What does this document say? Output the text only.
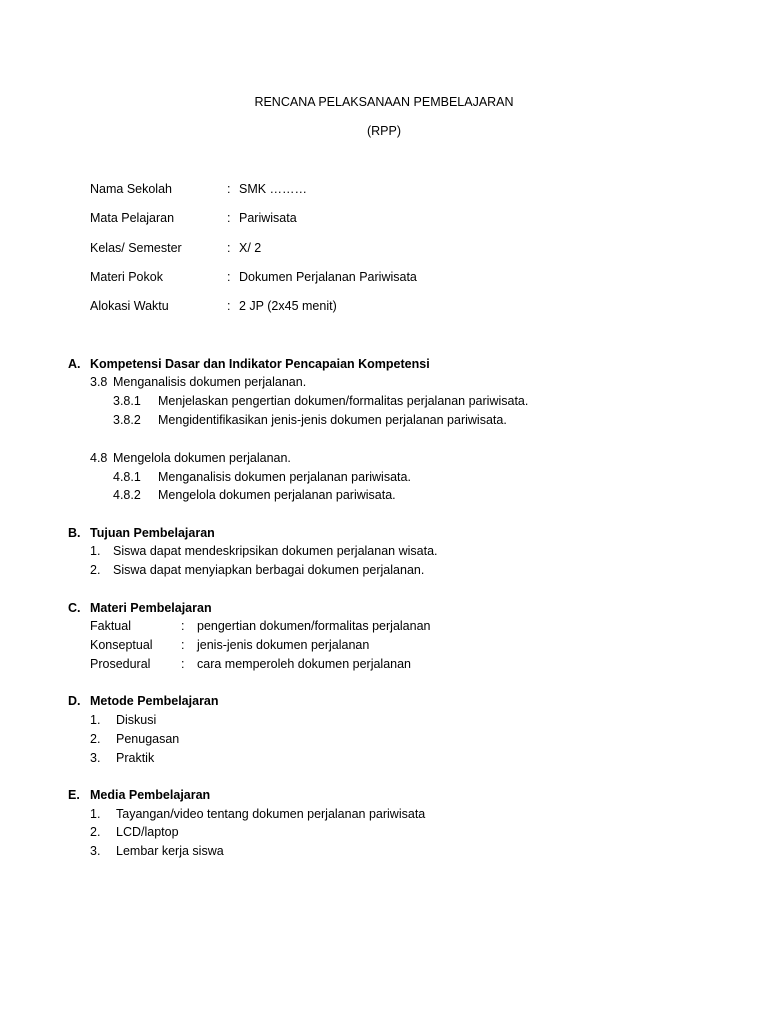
RENCANA PELAKSANAAN PEMBELAJARAN
(RPP)
Nama Sekolah	: SMK ………
Mata Pelajaran	: Pariwisata
Kelas/ Semester	: X/ 2
Materi Pokok	: Dokumen Perjalanan Pariwisata
Alokasi Waktu	: 2 JP (2x45 menit)
A. Kompetensi Dasar dan Indikator Pencapaian Kompetensi
3.8 Menganalisis dokumen perjalanan.
3.8.1 Menjelaskan pengertian dokumen/formalitas perjalanan pariwisata.
3.8.2 Mengidentifikasikan jenis-jenis dokumen perjalanan pariwisata.
4.8 Mengelola dokumen perjalanan.
4.8.1 Menganalisis dokumen perjalanan pariwisata.
4.8.2 Mengelola dokumen perjalanan pariwisata.
B. Tujuan Pembelajaran
1. Siswa dapat mendeskripsikan dokumen perjalanan wisata.
2. Siswa dapat menyiapkan berbagai dokumen perjalanan.
C. Materi Pembelajaran
Faktual	: pengertian dokumen/formalitas perjalanan
Konseptual : jenis-jenis dokumen perjalanan
Prosedural : cara memperoleh dokumen perjalanan
D. Metode Pembelajaran
1. Diskusi
2. Penugasan
3. Praktik
E. Media Pembelajaran
1. Tayangan/video tentang dokumen perjalanan pariwisata
2. LCD/laptop
3. Lembar kerja siswa
